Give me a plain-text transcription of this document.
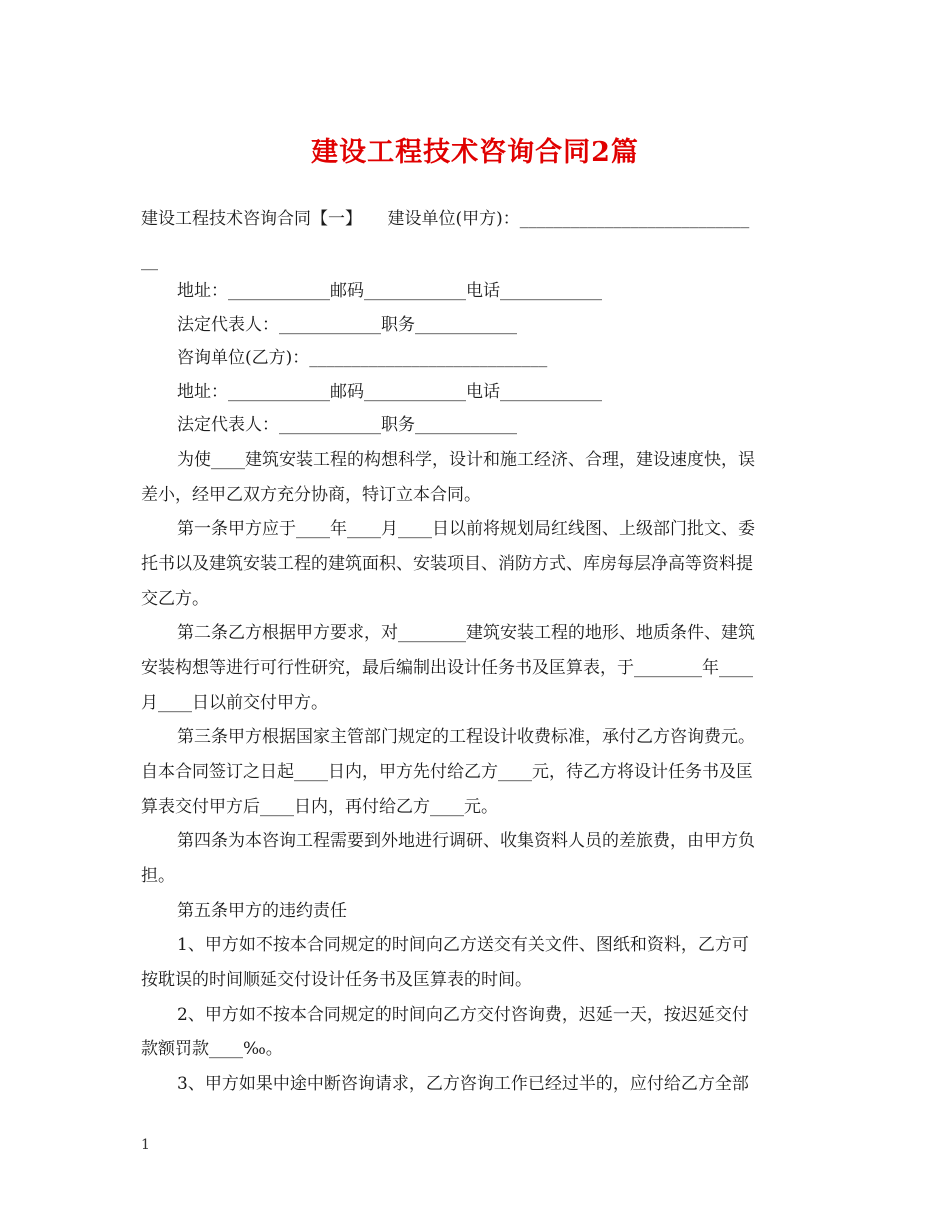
建设工程技术咨询合同2篇
建设工程技术咨询合同【一】　　建设单位(甲方)：___________________________
__
地址：____________邮码____________电话____________
法定代表人：____________职务____________
咨询单位(乙方)：____________________________
地址：____________邮码____________电话____________
法定代表人：____________职务____________
为使____建筑安装工程的构想科学，设计和施工经济、合理，建设速度快，误
差小，经甲乙双方充分协商，特订立本合同。
第一条甲方应于____年____月____日以前将规划局红线图、上级部门批文、委
托书以及建筑安装工程的建筑面积、安装项目、消防方式、库房每层净高等资料提
交乙方。
第二条乙方根据甲方要求，对________建筑安装工程的地形、地质条件、建筑
安装构想等进行可行性研究，最后编制出设计任务书及匡算表，于________年____
月____日以前交付甲方。
第三条甲方根据国家主管部门规定的工程设计收费标准，承付乙方咨询费元。
自本合同签订之日起____日内，甲方先付给乙方____元，待乙方将设计任务书及匡
算表交付甲方后____日内，再付给乙方____元。
第四条为本咨询工程需要到外地进行调研、收集资料人员的差旅费，由甲方负
担。
第五条甲方的违约责任
1、甲方如不按本合同规定的时间向乙方送交有关文件、图纸和资料，乙方可
按耽误的时间顺延交付设计任务书及匡算表的时间。
2、甲方如不按本合同规定的时间向乙方交付咨询费，迟延一天，按迟延交付
款额罚款____‰。
3、甲方如果中途中断咨询请求，乙方咨询工作已经过半的，应付给乙方全部
1
